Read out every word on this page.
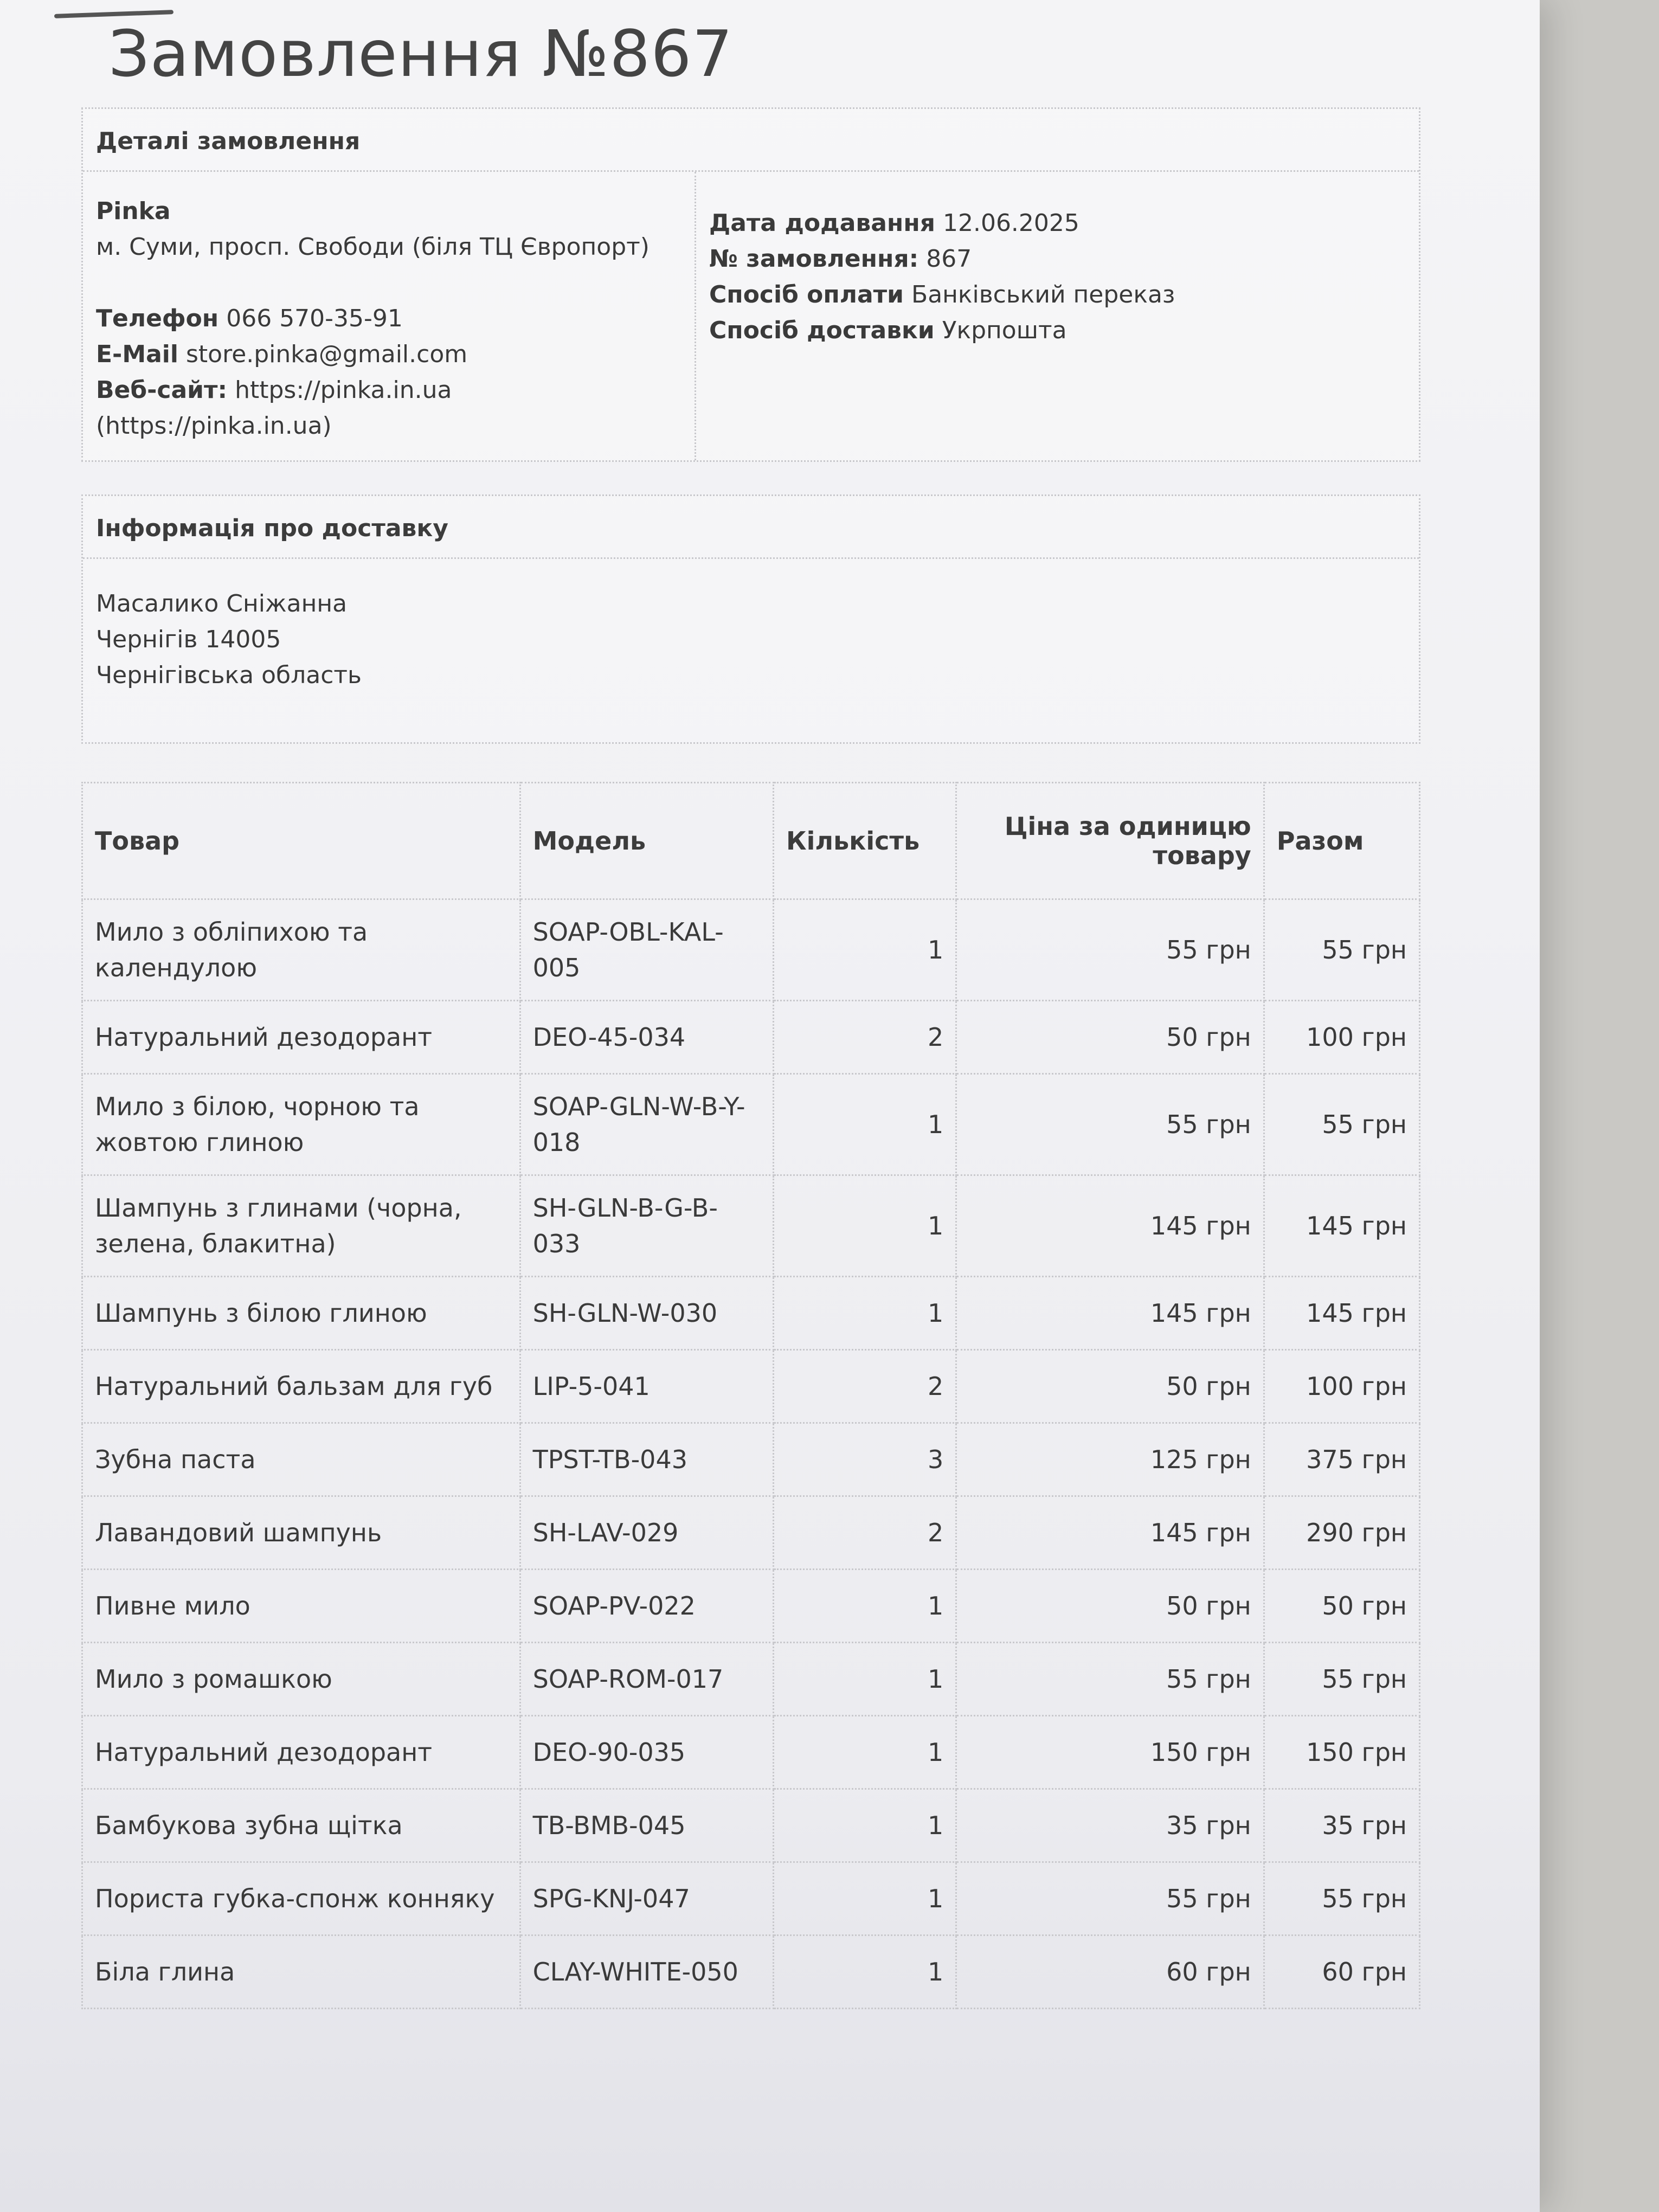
Замовлення №867
Деталі замовлення
Pinka
м. Суми, просп. Свободи (біля ТЦ Європорт)
Телефон 066 570-35-91
E-Mail store.pinka@gmail.com
Веб-сайт: https://pinka.in.ua (https://pinka.in.ua)
Дата додавання 12.06.2025
№ замовлення: 867
Спосіб оплати Банківський переказ
Спосіб доставки Укрпошта
Інформація про доставку
Масалико Сніжанна
Чернігів 14005
Чернігівська область
Товар	Модель	Кількість	Ціна за одиницю товару	Разом
Мило з обліпихою та календулою	SOAP-OBL-KAL-005	1	55 грн	55 грн
Натуральний дезодорант	DEO-45-034	2	50 грн	100 грн
Мило з білою, чорною та жовтою глиною	SOAP-GLN-W-B-Y-018	1	55 грн	55 грн
Шампунь з глинами (чорна, зелена, блакитна)	SH-GLN-B-G-B-033	1	145 грн	145 грн
Шампунь з білою глиною	SH-GLN-W-030	1	145 грн	145 грн
Натуральний бальзам для губ	LIP-5-041	2	50 грн	100 грн
Зубна паста	TPST-TB-043	3	125 грн	375 грн
Лавандовий шампунь	SH-LAV-029	2	145 грн	290 грн
Пивне мило	SOAP-PV-022	1	50 грн	50 грн
Мило з ромашкою	SOAP-ROM-017	1	55 грн	55 грн
Натуральний дезодорант	DEO-90-035	1	150 грн	150 грн
Бамбукова зубна щітка	TB-BMB-045	1	35 грн	35 грн
Пориста губка-спонж конняку	SPG-KNJ-047	1	55 грн	55 грн
Біла глина	CLAY-WHITE-050	1	60 грн	60 грн
